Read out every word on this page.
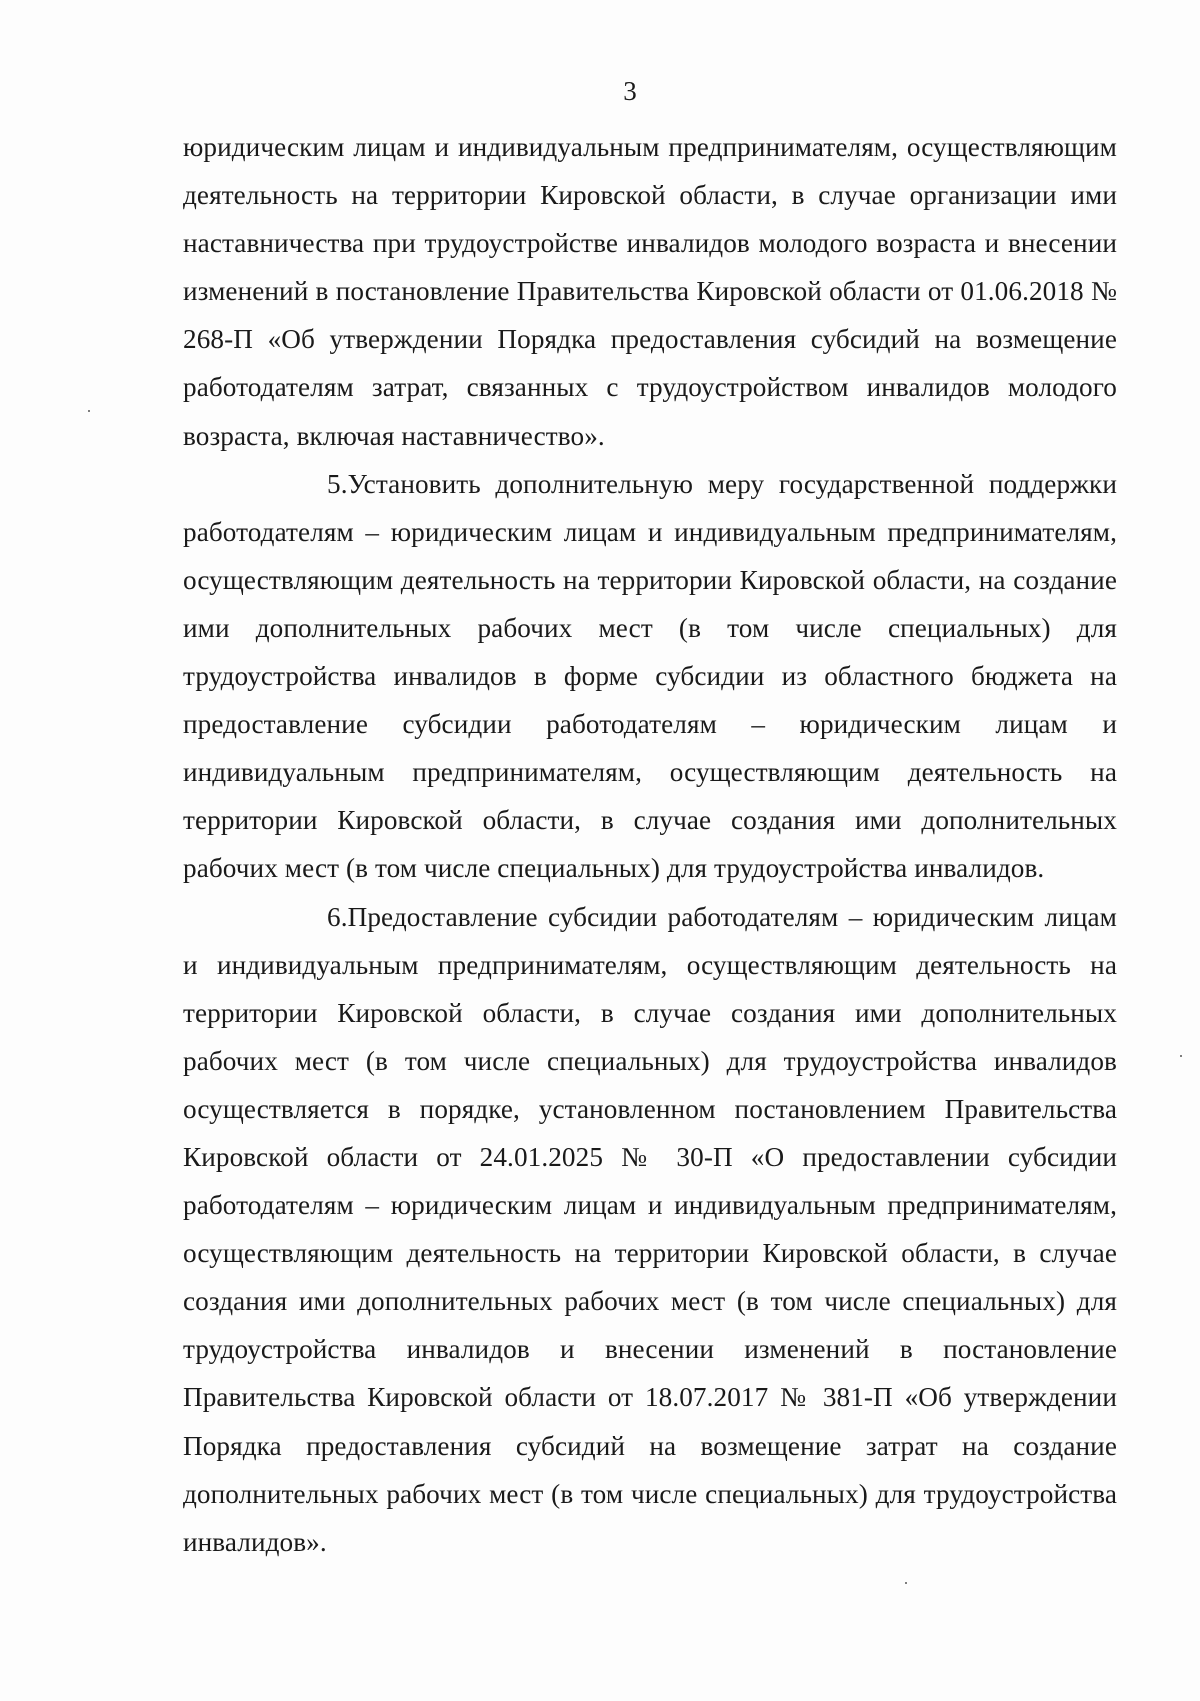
3

юридическим лицам и индивидуальным предпринимателям, осуществляющим деятельность на территории Кировской области, в случае организации ими наставничества при трудоустройстве инвалидов молодого возраста и внесении изменений в постановление Правительства Кировской области от 01.06.2018 № 268-П «Об утверждении Порядка предоставления субсидий на возмещение работодателям затрат, связанных с трудоустройством инвалидов молодого возраста, включая наставничество».

5.Установить дополнительную меру государственной поддержки работодателям – юридическим лицам и индивидуальным предпринимателям, осуществляющим деятельность на территории Кировской области, на создание ими дополнительных рабочих мест (в том числе специальных) для трудоустройства инвалидов в форме субсидии из областного бюджета на предоставление субсидии работодателям – юридическим лицам и индивидуальным предпринимателям, осуществляющим деятельность на территории Кировской области, в случае создания ими дополнительных рабочих мест (в том числе специальных) для трудоустройства инвалидов.

6.Предоставление субсидии работодателям – юридическим лицам и индивидуальным предпринимателям, осуществляющим деятельность на территории Кировской области, в случае создания ими дополнительных рабочих мест (в том числе специальных) для трудоустройства инвалидов осуществляется в порядке, установленном постановлением Правительства Кировской области от 24.01.2025 № 30-П «О предоставлении субсидии работодателям – юридическим лицам и индивидуальным предпринимателям, осуществляющим деятельность на территории Кировской области, в случае создания ими дополнительных рабочих мест (в том числе специальных) для трудоустройства инвалидов и внесении изменений в постановление Правительства Кировской области от 18.07.2017 № 381-П «Об утверждении Порядка предоставления субсидий на возмещение затрат на создание дополнительных рабочих мест (в том числе специальных) для трудоустройства инвалидов».
